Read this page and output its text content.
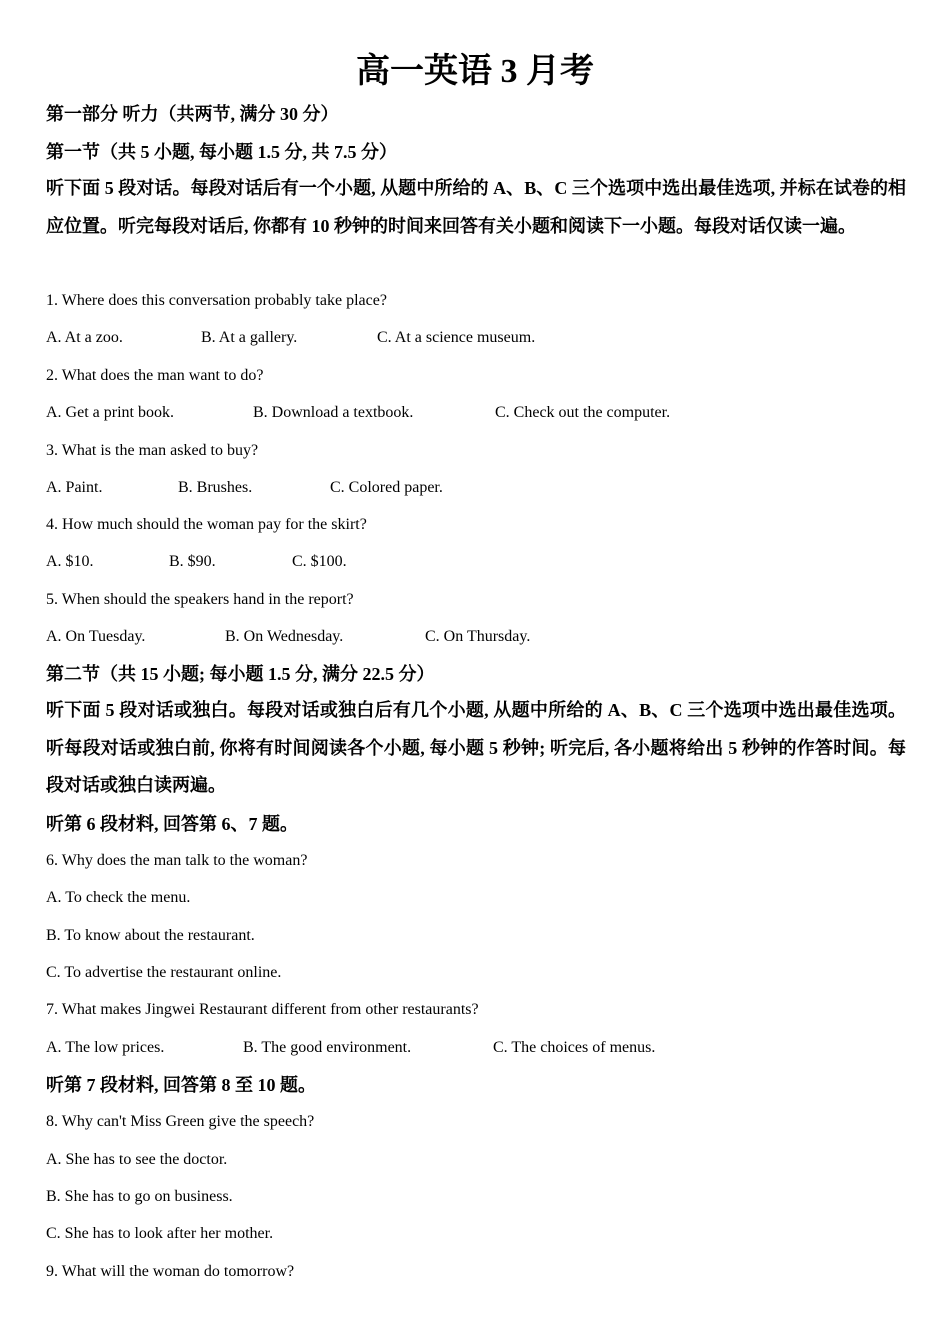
高一英语 3 月考
第一部分 听力（共两节, 满分 30 分）
第一节（共 5 小题, 每小题 1.5 分, 共 7.5 分）
听下面 5 段对话。每段对话后有一个小题, 从题中所给的 A、B、C 三个选项中选出最佳选项, 并标在试卷的相应位置。听完每段对话后, 你都有 10 秒钟的时间来回答有关小题和阅读下一小题。每段对话仅读一遍。
1. Where does this conversation probably take place?
A. At a zoo.	B. At a gallery.	C. At a science museum.
2. What does the man want to do?
A. Get a print book.	B. Download a textbook.	C. Check out the computer.
3. What is the man asked to buy?
A. Paint.	B. Brushes.	C. Colored paper.
4. How much should the woman pay for the skirt?
A. $10.	B. $90.	C. $100.
5. When should the speakers hand in the report?
A. On Tuesday.	B. On Wednesday.	C. On Thursday.
第二节（共 15 小题; 每小题 1.5 分, 满分 22.5 分）
听下面 5 段对话或独白。每段对话或独白后有几个小题, 从题中所给的 A、B、C 三个选项中选出最佳选项。听每段对话或独白前, 你将有时间阅读各个小题, 每小题 5 秒钟; 听完后, 各小题将给出 5 秒钟的作答时间。每段对话或独白读两遍。
听第 6 段材料, 回答第 6、7 题。
6. Why does the man talk to the woman?
A. To check the menu.
B. To know about the restaurant.
C. To advertise the restaurant online.
7. What makes Jingwei Restaurant different from other restaurants?
A. The low prices.	B. The good environment.	C. The choices of menus.
听第 7 段材料, 回答第 8 至 10 题。
8. Why can't Miss Green give the speech?
A. She has to see the doctor.
B. She has to go on business.
C. She has to look after her mother.
9. What will the woman do tomorrow?
